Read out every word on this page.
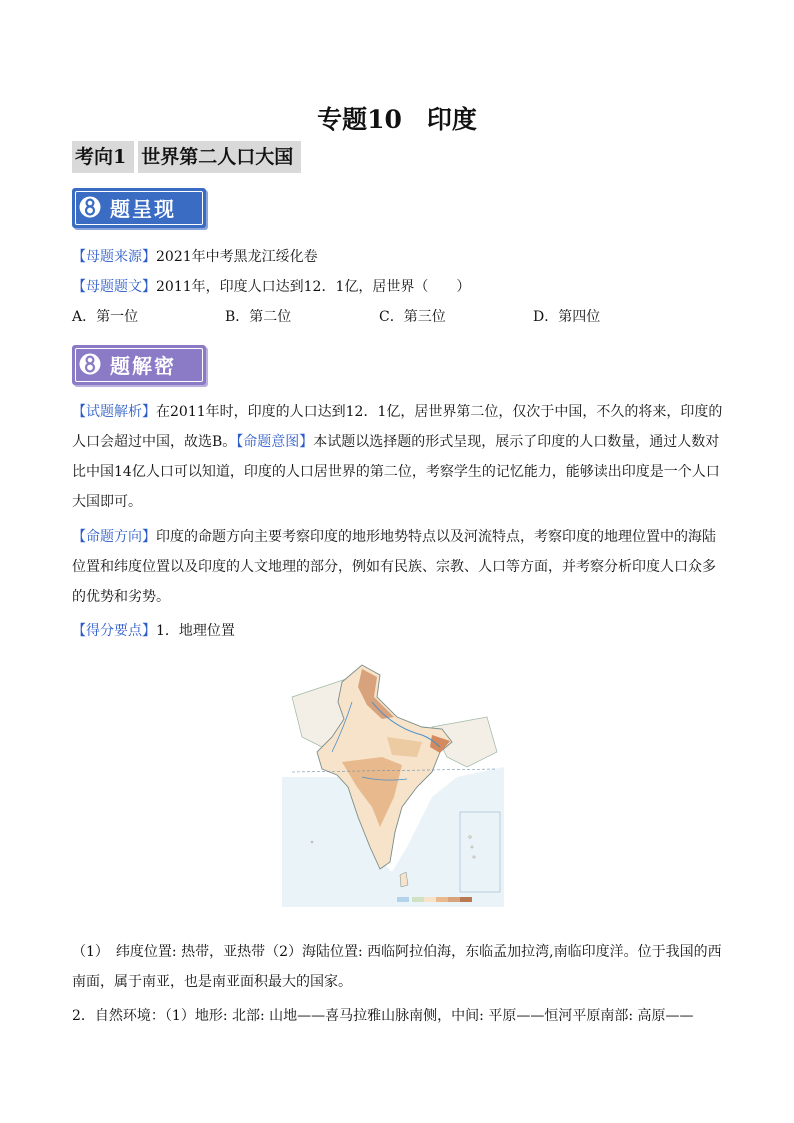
专题10　印度
考向1 世界第二人口大国
题呈现
【母题来源】2021年中考黑龙江绥化卷
【母题题文】2011年，印度人口达到12．1亿，居世界（　　）
A．第一位	B．第二位	C．第三位	D．第四位
题解密
【试题解析】在2011年时，印度的人口达到12．1亿，居世界第二位，仅次于中国，不久的将来，印度的人口会超过中国，故选B。【命题意图】本试题以选择题的形式呈现，展示了印度的人口数量，通过人数对比中国14亿人口可以知道，印度的人口居世界的第二位，考察学生的记忆能力，能够读出印度是一个人口大国即可。
【命题方向】印度的命题方向主要考察印度的地形地势特点以及河流特点，考察印度的地理位置中的海陆位置和纬度位置以及印度的人文地理的部分，例如有民族、宗教、人口等方面，并考察分析印度人口众多的优势和劣势。
【得分要点】1．地理位置
（1）　纬度位置: 热带，亚热带（2）海陆位置: 西临阿拉伯海，东临孟加拉湾,南临印度洋。位于我国的西南面，属于南亚，也是南亚面积最大的国家。
2．自然环境：（1）地形: 北部: 山地——喜马拉雅山脉南侧，中间: 平原——恒河平原南部: 高原——
